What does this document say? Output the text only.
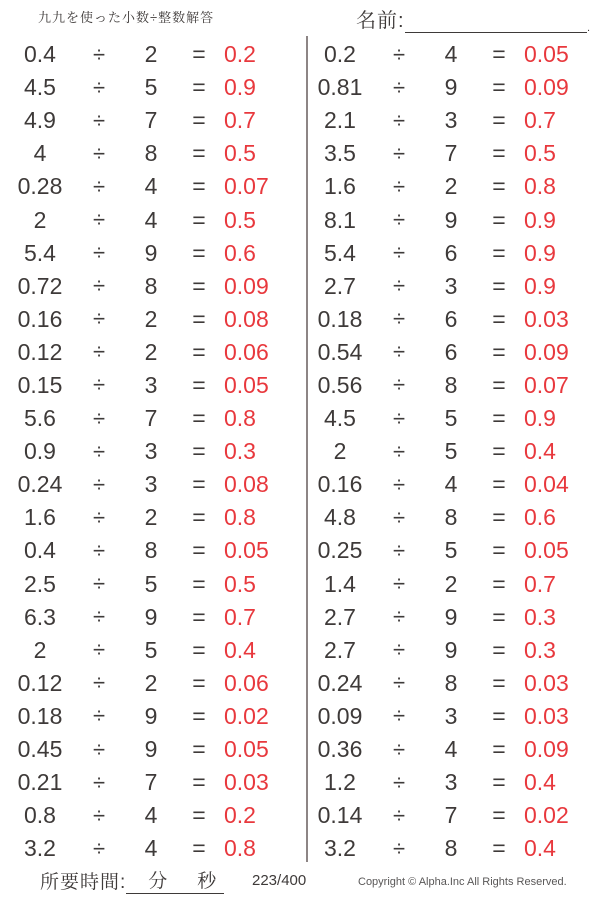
九九を使った小数÷整数解答	名前:	.
0.4	÷	2	= 0.2
4.5	÷	5	= 0.9
4.9	÷	7	= 0.7
4	÷	8	= 0.5
0.28	÷	4	= 0.07
2	÷	4	= 0.5
5.4	÷	9	= 0.6
0.72	÷	8	= 0.09
0.16	÷	2	= 0.08
0.12	÷	2	= 0.06
0.15	÷	3	= 0.05
5.6	÷	7	= 0.8
0.9	÷	3	= 0.3
0.24	÷	3	= 0.08
1.6	÷	2	= 0.8
0.4	÷	8	= 0.05
2.5	÷	5	= 0.5
6.3	÷	9	= 0.7
2	÷	5	= 0.4
0.12	÷	2	= 0.06
0.18	÷	9	= 0.02
0.45	÷	9	= 0.05
0.21	÷	7	= 0.03
0.8	÷	4	= 0.2
3.2	÷	4	= 0.8
0.2	÷	4	= 0.05
0.81	÷	9	= 0.09
2.1	÷	3	= 0.7
3.5	÷	7	= 0.5
1.6	÷	2	= 0.8
8.1	÷	9	= 0.9
5.4	÷	6	= 0.9
2.7	÷	3	= 0.9
0.18	÷	6	= 0.03
0.54	÷	6	= 0.09
0.56	÷	8	= 0.07
4.5	÷	5	= 0.9
2	÷	5	= 0.4
0.16	÷	4	= 0.04
4.8	÷	8	= 0.6
0.25	÷	5	= 0.05
1.4	÷	2	= 0.7
2.7	÷	9	= 0.3
2.7	÷	9	= 0.3
0.24	÷	8	= 0.03
0.09	÷	3	= 0.03
0.36	÷	4	= 0.09
1.2	÷	3	= 0.4
0.14	÷	7	= 0.02
3.2	÷	8	= 0.4
所要時間: 分 秒 223/400	Copyright © Alpha.Inc All Rights Reserved.
